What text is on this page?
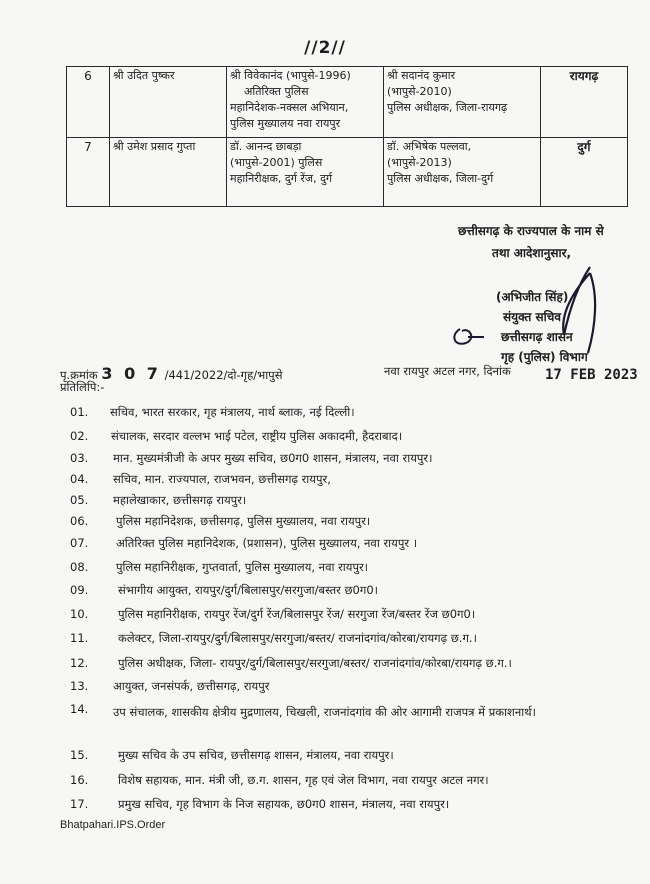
//2//
6	श्री उदित पुष्कर	श्री विवेकानंद (भापुसे-1996)
अतिरिक्त पुलिस
महानिदेशक-नक्सल अभियान,
पुलिस मुख्यालय नवा रायपुर	श्री सदानंद कुमार
(भापुसे-2010)
पुलिस अधीक्षक, जिला-रायगढ़	रायगढ़
7	श्री उमेश प्रसाद गुप्ता	डॉ. आनन्द छाबड़ा
(भापुसे-2001) पुलिस
महानिरीक्षक, दुर्ग रेंज, दुर्ग	डॉ. अभिषेक पल्लवा,
(भापुसे-2013)
पुलिस अधीक्षक, जिला-दुर्ग	दुर्ग
छत्तीसगढ़ के राज्यपाल के नाम से
तथा आदेशानुसार,
(अभिजीत सिंह)
संयुक्त सचिव
छत्तीसगढ़ शासन
गृह (पुलिस) विभाग
पृ.क्रमांक 3 0 7 /441/2022/दो-गृह/भापुसे	नवा रायपुर अटल नगर, दिनांक 17 FEB 2023
प्रतिलिपि:-
01. सचिव, भारत सरकार, गृह मंत्रालय, नार्थ ब्लाक, नई दिल्ली।
02. संचालक, सरदार वल्लभ भाई पटेल, राष्ट्रीय पुलिस अकादमी, हैदराबाद।
03. मान. मुख्यमंत्रीजी के अपर मुख्य सचिव, छ0ग0 शासन, मंत्रालय, नवा रायपुर।
04. सचिव, मान. राज्यपाल, राजभवन, छत्तीसगढ़ रायपुर,
05. महालेखाकार, छत्तीसगढ़ रायपुर।
06. पुलिस महानिदेशक, छत्तीसगढ़, पुलिस मुख्यालय, नवा रायपुर।
07. अतिरिक्त पुलिस महानिदेशक, (प्रशासन), पुलिस मुख्यालय, नवा रायपुर ।
08. पुलिस महानिरीक्षक, गुप्तवार्ता, पुलिस मुख्यालय, नवा रायपुर।
09.	संभागीय आयुक्त, रायपुर/दुर्ग/बिलासपुर/सरगुजा/बस्तर छ0ग0।
10.	पुलिस महानिरीक्षक, रायपुर रेंज/दुर्ग रेंज/बिलासपुर रेंज/ सरगुजा रेंज/बस्तर रेंज छ0ग0।
11.	कलेक्टर, जिला-रायपुर/दुर्ग/बिलासपुर/सरगुजा/बस्तर/ राजनांदगांव/कोरबा/रायगढ़ छ.ग.।
12.	पुलिस अधीक्षक, जिला- रायपुर/दुर्ग/बिलासपुर/सरगुजा/बस्तर/ राजनांदगांव/कोरबा/रायगढ़ छ.ग.।
13. आयुक्त, जनसंपर्क, छत्तीसगढ़, रायपुर
14. उप संचालक, शासकीय क्षेत्रीय मुद्रणालय, चिखली, राजनांदगांव की ओर आगामी राजपत्र में प्रकाशनार्थ।
15.	मुख्य सचिव के उप सचिव, छत्तीसगढ़ शासन, मंत्रालय, नवा रायपुर।
16.	विशेष सहायक, मान. मंत्री जी, छ.ग. शासन, गृह एवं जेल विभाग, नवा रायपुर अटल नगर।
17.	प्रमुख सचिव, गृह विभाग के निज सहायक, छ0ग0 शासन, मंत्रालय, नवा रायपुर।
Bhatpahari.IPS.Order
